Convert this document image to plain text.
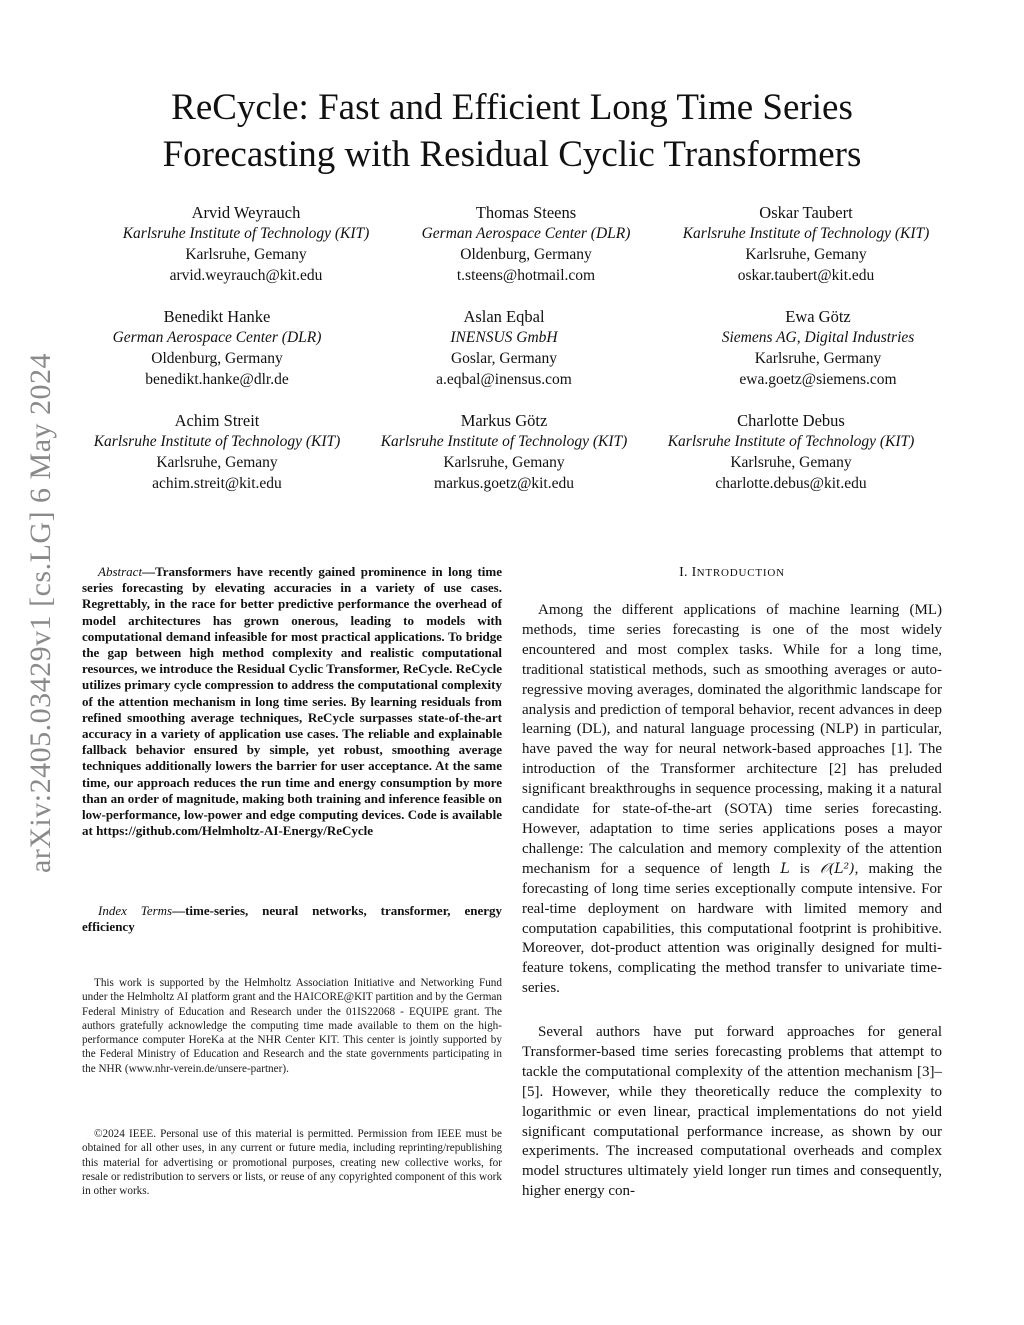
arXiv:2405.03429v1 [cs.LG] 6 May 2024
ReCycle: Fast and Efficient Long Time Series
Forecasting with Residual Cyclic Transformers
Arvid Weyrauch
Karlsruhe Institute of Technology (KIT)
Karlsruhe, Gemany
arvid.weyrauch@kit.edu
Thomas Steens
German Aerospace Center (DLR)
Oldenburg, Germany
t.steens@hotmail.com
Oskar Taubert
Karlsruhe Institute of Technology (KIT)
Karlsruhe, Gemany
oskar.taubert@kit.edu
Benedikt Hanke
German Aerospace Center (DLR)
Oldenburg, Germany
benedikt.hanke@dlr.de
Aslan Eqbal
INENSUS GmbH
Goslar, Germany
a.eqbal@inensus.com
Ewa Götz
Siemens AG, Digital Industries
Karlsruhe, Germany
ewa.goetz@siemens.com
Achim Streit
Karlsruhe Institute of Technology (KIT)
Karlsruhe, Gemany
achim.streit@kit.edu
Markus Götz
Karlsruhe Institute of Technology (KIT)
Karlsruhe, Gemany
markus.goetz@kit.edu
Charlotte Debus
Karlsruhe Institute of Technology (KIT)
Karlsruhe, Gemany
charlotte.debus@kit.edu

Abstract—Transformers have recently gained prominence in long time series forecasting by elevating accuracies in a variety of use cases. Regrettably, in the race for better predictive performance the overhead of model architectures has grown onerous, leading to models with computational demand infeasible for most practical applications. To bridge the gap between high method complexity and realistic computational resources, we introduce the Residual Cyclic Transformer, ReCycle. ReCycle utilizes primary cycle compression to address the computational complexity of the attention mechanism in long time series. By learning residuals from refined smoothing average techniques, ReCycle surpasses state-of-the-art accuracy in a variety of application use cases. The reliable and explainable fallback behavior ensured by simple, yet robust, smoothing average techniques additionally lowers the barrier for user acceptance. At the same time, our approach reduces the run time and energy consumption by more than an order of magnitude, making both training and inference feasible on low-performance, low-power and edge computing devices. Code is available at https://github.com/Helmholtz-AI-Energy/ReCycle

Index Terms—time-series, neural networks, transformer, energy efficiency

This work is supported by the Helmholtz Association Initiative and Networking Fund under the Helmholtz AI platform grant and the HAICORE@KIT partition and by the German Federal Ministry of Education and Research under the 01IS22068 - EQUIPE grant. The authors gratefully acknowledge the computing time made available to them on the high-performance computer HoreKa at the NHR Center KIT. This center is jointly supported by the Federal Ministry of Education and Research and the state governments participating in the NHR (www.nhr-verein.de/unsere-partner).

©2024 IEEE. Personal use of this material is permitted. Permission from IEEE must be obtained for all other uses, in any current or future media, including reprinting/republishing this material for advertising or promotional purposes, creating new collective works, for resale or redistribution to servers or lists, or reuse of any copyrighted component of this work in other works.

I. INTRODUCTION

Among the different applications of machine learning (ML) methods, time series forecasting is one of the most widely encountered and most complex tasks. While for a long time, traditional statistical methods, such as smoothing averages or auto-regressive moving averages, dominated the algorithmic landscape for analysis and prediction of temporal behavior, recent advances in deep learning (DL), and natural language processing (NLP) in particular, have paved the way for neural network-based approaches [1]. The introduction of the Transformer architecture [2] has preluded significant breakthroughs in sequence processing, making it a natural candidate for state-of-the-art (SOTA) time series forecasting. However, adaptation to time series applications poses a mayor challenge: The calculation and memory complexity of the attention mechanism for a sequence of length L is 𝒪(L²), making the forecasting of long time series exceptionally compute intensive. For real-time deployment on hardware with limited memory and computation capabilities, this computational footprint is prohibitive. Moreover, dot-product attention was originally designed for multi-feature tokens, complicating the method transfer to univariate time-series.

Several authors have put forward approaches for general Transformer-based time series forecasting problems that attempt to tackle the computational complexity of the attention mechanism [3]–[5]. However, while they theoretically reduce the complexity to logarithmic or even linear, practical implementations do not yield significant computational performance increase, as shown by our experiments. The increased computational overheads and complex model structures ultimately yield longer run times and consequently, higher energy con-
